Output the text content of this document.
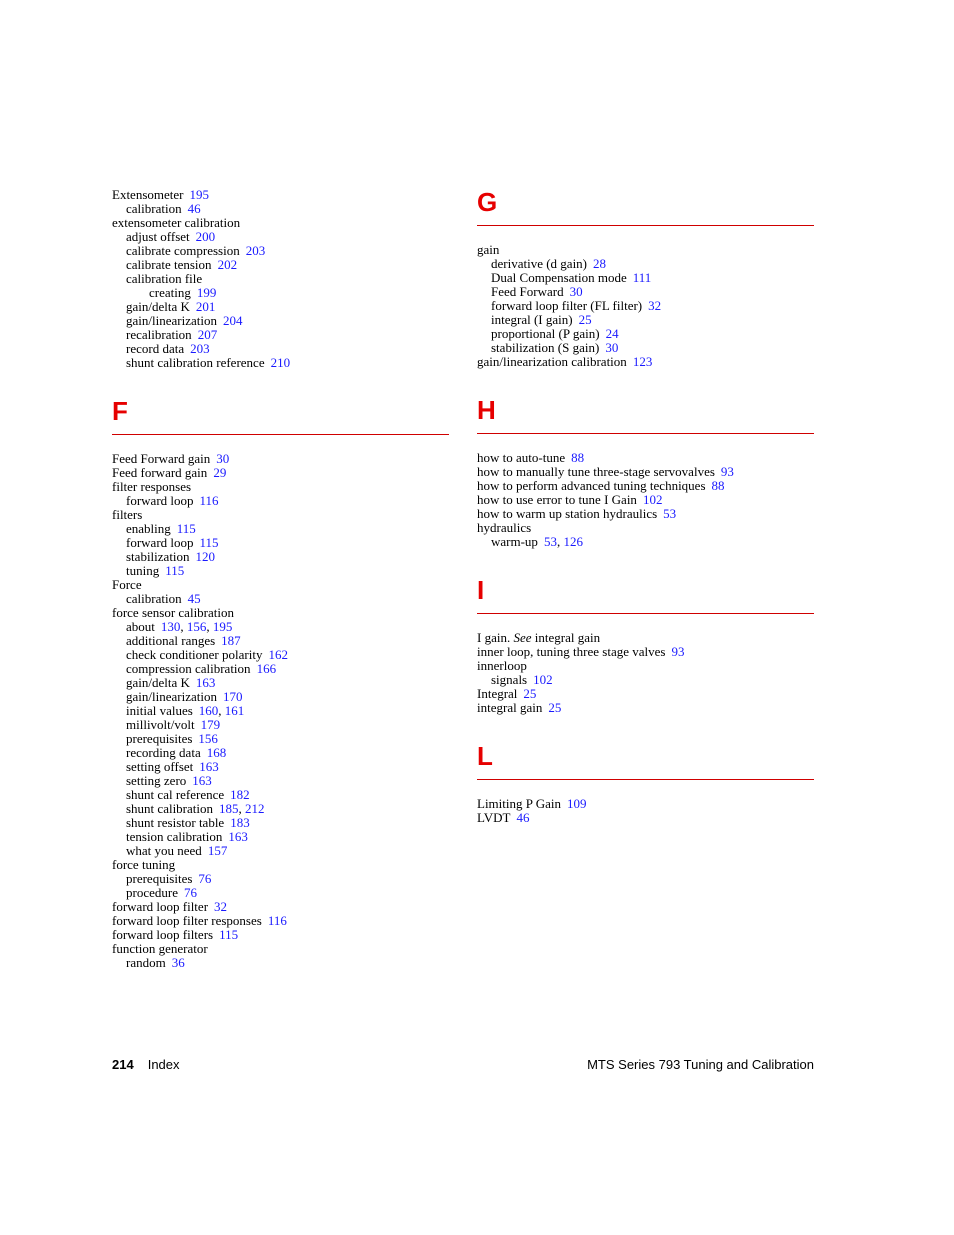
Extensometer 195
calibration 46
extensometer calibration
adjust offset 200
calibrate compression 203
calibrate tension 202
calibration file
creating 199
gain/delta K 201
gain/linearization 204
recalibration 207
record data 203
shunt calibration reference 210
F
Feed Forward gain 30
Feed forward gain 29
filter responses
forward loop 116
filters
enabling 115
forward loop 115
stabilization 120
tuning 115
Force
calibration 45
force sensor calibration
about 130, 156, 195
additional ranges 187
check conditioner polarity 162
compression calibration 166
gain/delta K 163
gain/linearization 170
initial values 160, 161
millivolt/volt 179
prerequisites 156
recording data 168
setting offset 163
setting zero 163
shunt cal reference 182
shunt calibration 185, 212
shunt resistor table 183
tension calibration 163
what you need 157
force tuning
prerequisites 76
procedure 76
forward loop filter 32
forward loop filter responses 116
forward loop filters 115
function generator
random 36
G
gain
derivative (d gain) 28
Dual Compensation mode 111
Feed Forward 30
forward loop filter (FL filter) 32
integral (I gain) 25
proportional (P gain) 24
stabilization (S gain) 30
gain/linearization calibration 123
H
how to auto-tune 88
how to manually tune three-stage servovalves 93
how to perform advanced tuning techniques 88
how to use error to tune I Gain 102
how to warm up station hydraulics 53
hydraulics
warm-up 53, 126
I
I gain. See integral gain
inner loop, tuning three stage valves 93
innerloop
signals 102
Integral 25
integral gain 25
L
Limiting P Gain 109
LVDT 46
214 Index	MTS Series 793 Tuning and Calibration
